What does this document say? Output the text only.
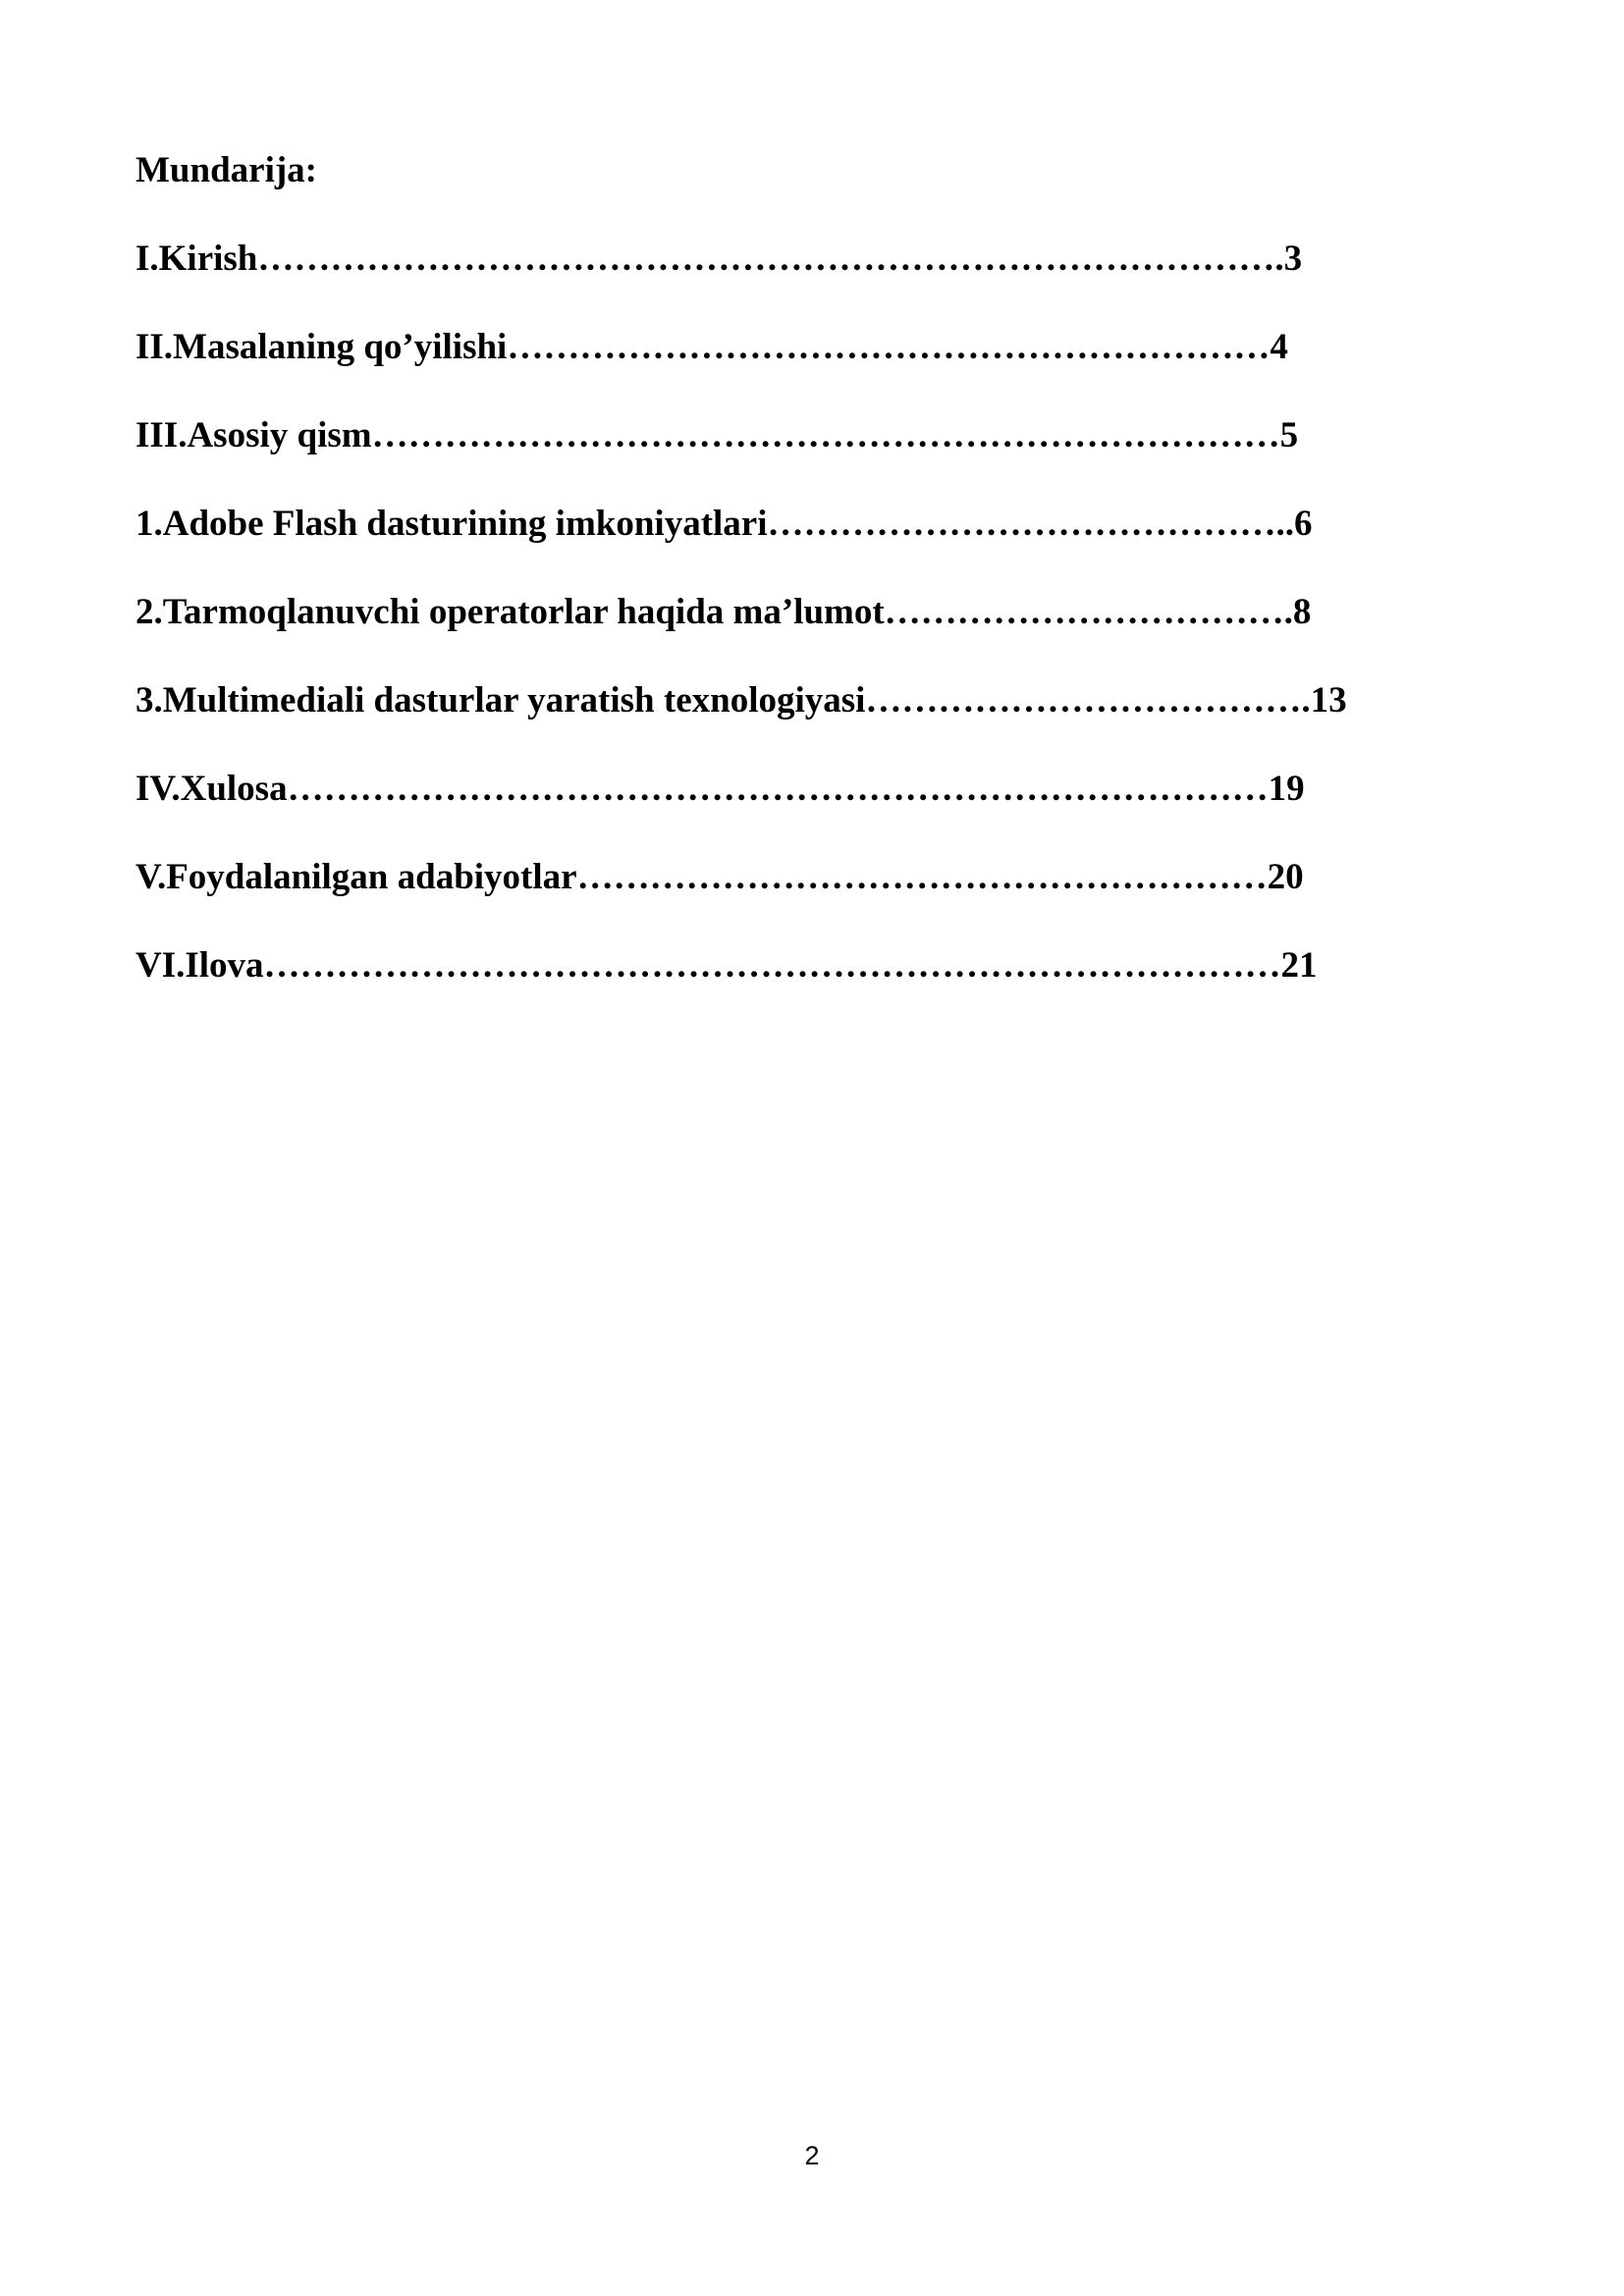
Mundarija:
I.Kirish………………………………………………………………………….3
II.Masalaning qo’yilishi………………………………………………………4
III.Asosiy qism…………………………………………………………………5
1.Adobe Flash dasturining imkoniyatlari……………………………………..6
2.Tarmoqlanuvchi operatorlar haqida ma’lumot…………………………….8
3.Multimediali dasturlar yaratish texnologiyasi……………………………….13
IV.Xulosa………………………………………………………………………19
V.Foydalanilgan adabiyotlar…………………………………………………20
VI.Ilova…………………………………………………………………………21
2
